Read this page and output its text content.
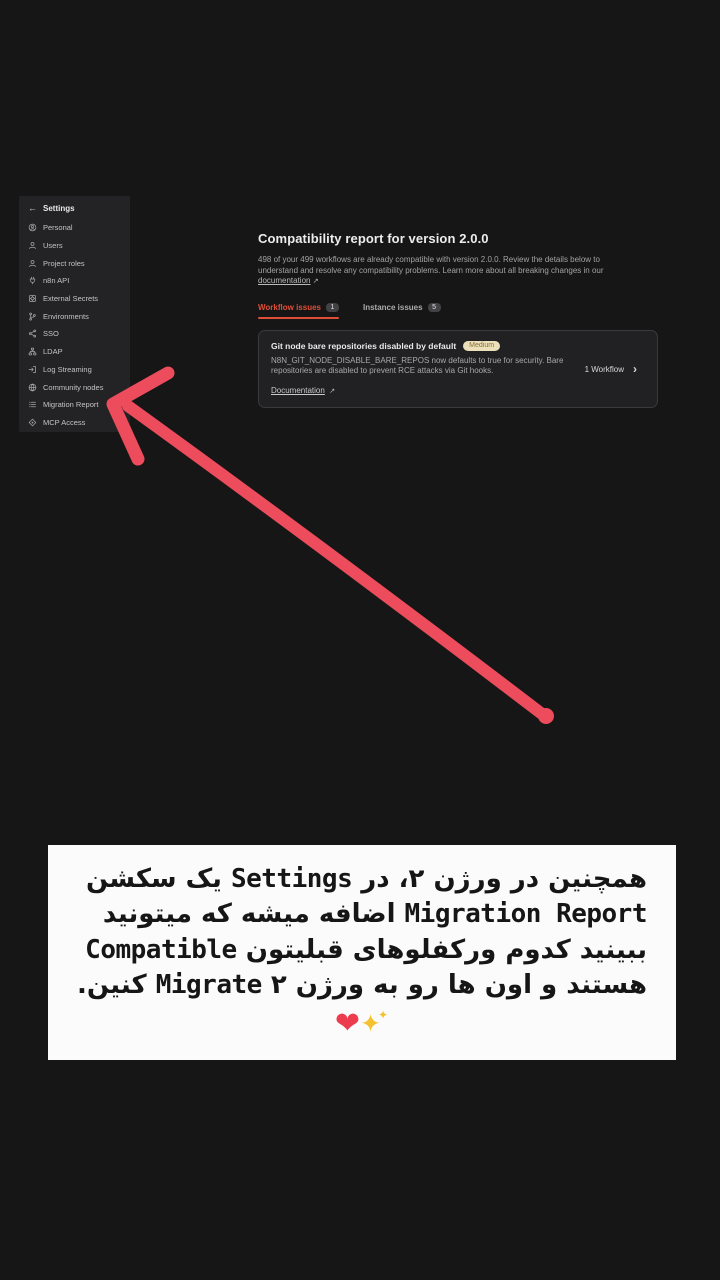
← Settings
Personal
Users
Project roles
n8n API
External Secrets
Environments
SSO
LDAP
Log Streaming
Community nodes
Migration Report
MCP Access
Compatibility report for version 2.0.0

498 of your 499 workflows are already compatible with version 2.0.0. Review the details below to understand and resolve any compatibility problems. Learn more about all breaking changes in our documentation ↗

Workflow issues	1	Instance issues	5
Git node bare repositories disabled by default	Medium
N8N_GIT_NODE_DISABLE_BARE_REPOS now defaults to true for security. Bare repositories are disabled to prevent RCE attacks via Git hooks.
Documentation ↗
1 Workflow ›
همچنین در ورژن ۲، در Settings یک سکشن
Migration Report اضافه میشه که میتونید
ببینید کدوم ورکفلوهای قبلیتون Compatible
هستند و اون ها رو به ورژن ۲ Migrate کنین.
✦
✦
❤
